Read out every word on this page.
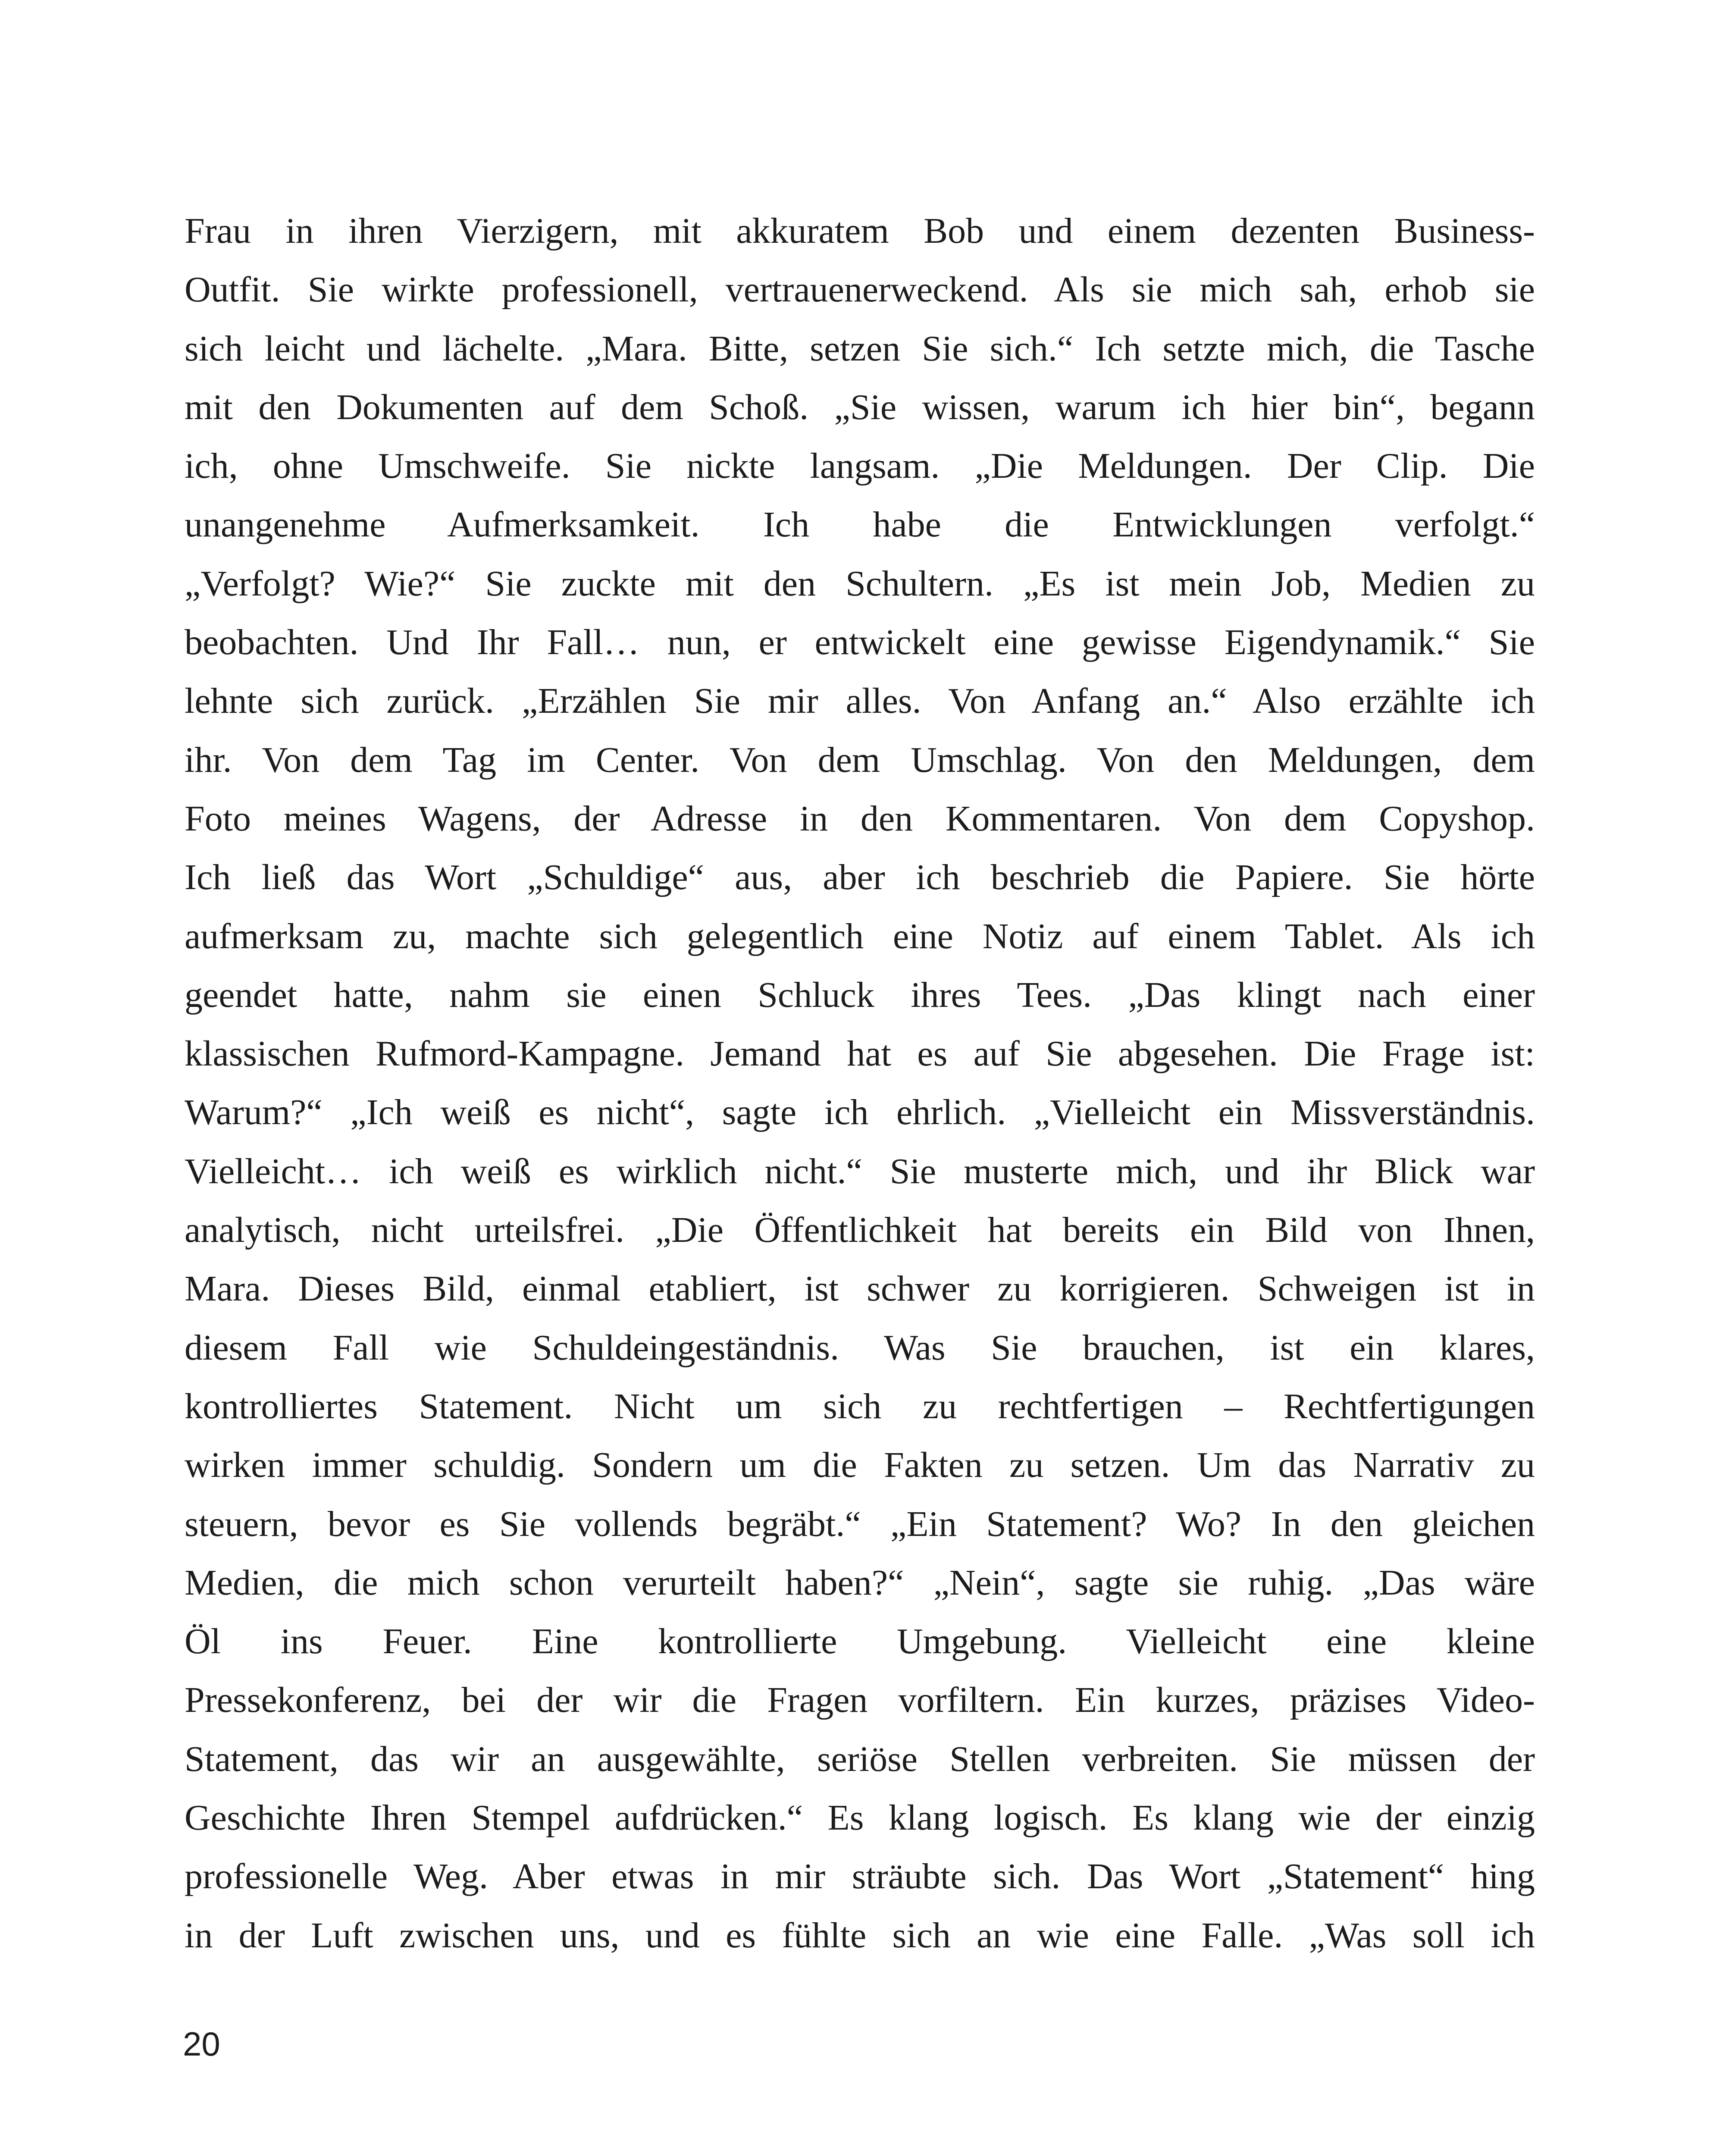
Frau in ihren Vierzigern, mit akkuratem Bob und einem dezenten Business-
Outfit. Sie wirkte professionell, vertrauenerweckend. Als sie mich sah, erhob sie
sich leicht und lächelte. „Mara. Bitte, setzen Sie sich.“ Ich setzte mich, die Tasche
mit den Dokumenten auf dem Schoß. „Sie wissen, warum ich hier bin“, begann
ich, ohne Umschweife. Sie nickte langsam. „Die Meldungen. Der Clip. Die
unangenehme Aufmerksamkeit. Ich habe die Entwicklungen verfolgt.“
„Verfolgt? Wie?“ Sie zuckte mit den Schultern. „Es ist mein Job, Medien zu
beobachten. Und Ihr Fall… nun, er entwickelt eine gewisse Eigendynamik.“ Sie
lehnte sich zurück. „Erzählen Sie mir alles. Von Anfang an.“ Also erzählte ich
ihr. Von dem Tag im Center. Von dem Umschlag. Von den Meldungen, dem
Foto meines Wagens, der Adresse in den Kommentaren. Von dem Copyshop.
Ich ließ das Wort „Schuldige“ aus, aber ich beschrieb die Papiere. Sie hörte
aufmerksam zu, machte sich gelegentlich eine Notiz auf einem Tablet. Als ich
geendet hatte, nahm sie einen Schluck ihres Tees. „Das klingt nach einer
klassischen Rufmord-Kampagne. Jemand hat es auf Sie abgesehen. Die Frage ist:
Warum?“ „Ich weiß es nicht“, sagte ich ehrlich. „Vielleicht ein Missverständnis.
Vielleicht… ich weiß es wirklich nicht.“ Sie musterte mich, und ihr Blick war
analytisch, nicht urteilsfrei. „Die Öffentlichkeit hat bereits ein Bild von Ihnen,
Mara. Dieses Bild, einmal etabliert, ist schwer zu korrigieren. Schweigen ist in
diesem Fall wie Schuldeingeständnis. Was Sie brauchen, ist ein klares,
kontrolliertes Statement. Nicht um sich zu rechtfertigen – Rechtfertigungen
wirken immer schuldig. Sondern um die Fakten zu setzen. Um das Narrativ zu
steuern, bevor es Sie vollends begräbt.“ „Ein Statement? Wo? In den gleichen
Medien, die mich schon verurteilt haben?“ „Nein“, sagte sie ruhig. „Das wäre
Öl ins Feuer. Eine kontrollierte Umgebung. Vielleicht eine kleine
Pressekonferenz, bei der wir die Fragen vorfiltern. Ein kurzes, präzises Video-
Statement, das wir an ausgewählte, seriöse Stellen verbreiten. Sie müssen der
Geschichte Ihren Stempel aufdrücken.“ Es klang logisch. Es klang wie der einzig
professionelle Weg. Aber etwas in mir sträubte sich. Das Wort „Statement“ hing
in der Luft zwischen uns, und es fühlte sich an wie eine Falle. „Was soll ich
20
